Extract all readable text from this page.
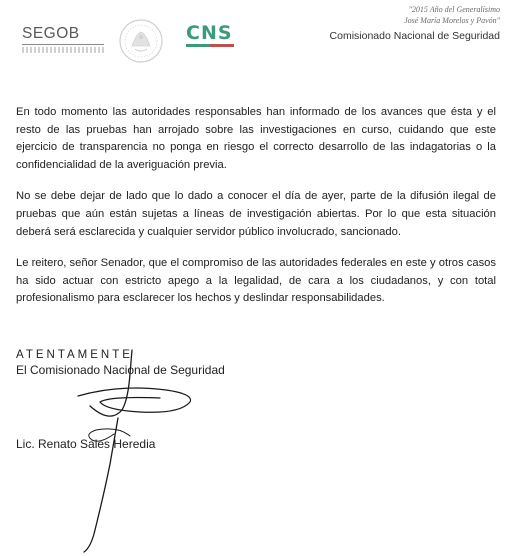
SEGOB	CNS
"2015 Año del Generalísimo
José María Morelos y Pavón"
Comisionado Nacional de Seguridad

En todo momento las autoridades responsables han informado de los avances que ésta y el resto de las pruebas han arrojado sobre las investigaciones en curso, cuidando que este ejercicio de transparencia no ponga en riesgo el correcto desarrollo de las indagatorias o la confidencialidad de la averiguación previa.

No se debe dejar de lado que lo dado a conocer el día de ayer, parte de la difusión ilegal de pruebas que aún están sujetas a líneas de investigación abiertas. Por lo que esta situación deberá será esclarecida y cualquier servidor público involucrado, sancionado.

Le reitero, señor Senador, que el compromiso de las autoridades federales en este y otros casos ha sido actuar con estricto apego a la legalidad, de cara a los ciudadanos, y con total profesionalismo para esclarecer los hechos y deslindar responsabilidades.

ATENTAMENTE
El Comisionado Nacional de Seguridad
Lic. Renato Sales Heredia
